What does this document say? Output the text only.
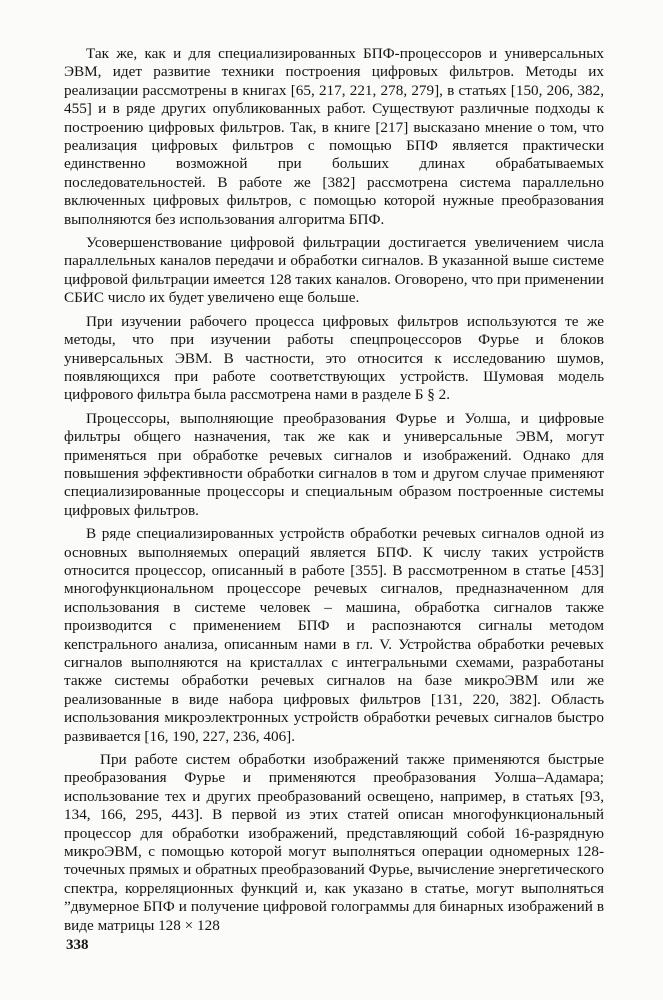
Так же, как и для специализированных БПФ-процессоров и универсальных ЭВМ, идет развитие техники построения цифровых фильтров. Методы их реализации рассмотрены в книгах [65, 217, 221, 278, 279], в статьях [150, 206, 382, 455] и в ряде других опубликованных работ. Существуют различные подходы к построению цифровых фильтров. Так, в книге [217] высказано мнение о том, что реализация цифровых фильтров с помощью БПФ является практически единственно возможной при больших длинах обрабатываемых последовательностей. В работе же [382] рассмотрена система параллельно включенных цифровых фильтров, с помощью которой нужные преобразования выполняются без использования алгоритма БПФ.

Усовершенствование цифровой фильтрации достигается увеличением числа параллельных каналов передачи и обработки сигналов. В указанной выше системе цифровой фильтрации имеется 128 таких каналов. Оговорено, что при применении СБИС число их будет увеличено еще больше.

При изучении рабочего процесса цифровых фильтров используются те же методы, что при изучении работы спецпроцессоров Фурье и блоков универсальных ЭВМ. В частности, это относится к исследованию шумов, появляющихся при работе соответствующих устройств. Шумовая модель цифрового фильтра была рассмотрена нами в разделе Б § 2.

Процессоры, выполняющие преобразования Фурье и Уолша, и цифровые фильтры общего назначения, так же как и универсальные ЭВМ, могут применяться при обработке речевых сигналов и изображений. Однако для повышения эффективности обработки сигналов в том и другом случае применяют специализированные процессоры и специальным образом построенные системы цифровых фильтров.

В ряде специализированных устройств обработки речевых сигналов одной из основных выполняемых операций является БПФ. К числу таких устройств относится процессор, описанный в работе [355]. В рассмотренном в статье [453] многофункциональном процессоре речевых сигналов, предназначенном для использования в системе человек – машина, обработка сигналов также производится с применением БПФ и распознаются сигналы методом кепстрального анализа, описанным нами в гл. V. Устройства обработки речевых сигналов выполняются на кристаллах с интегральными схемами, разработаны также системы обработки речевых сигналов на базе микроЭВМ или же реализованные в виде набора цифровых фильтров [131, 220, 382]. Область использования микроэлектронных устройств обработки речевых сигналов быстро развивается [16, 190, 227, 236, 406].

При работе систем обработки изображений также применяются быстрые преобразования Фурье и применяются преобразования Уолша–Адамара; использование тех и других преобразований освещено, например, в статьях [93, 134, 166, 295, 443]. В первой из этих статей описан многофункциональный процессор для обработки изображений, представляющий собой 16-разрядную микроЭВМ, с помощью которой могут выполняться операции одномерных 128-точечных прямых и обратных преобразований Фурье, вычисление энергетического спектра, корреляционных функций и, как указано в статье, могут выполняться ”двумерное БПФ и получение цифровой голограммы для бинарных изображений в виде матрицы 128 × 128

338
